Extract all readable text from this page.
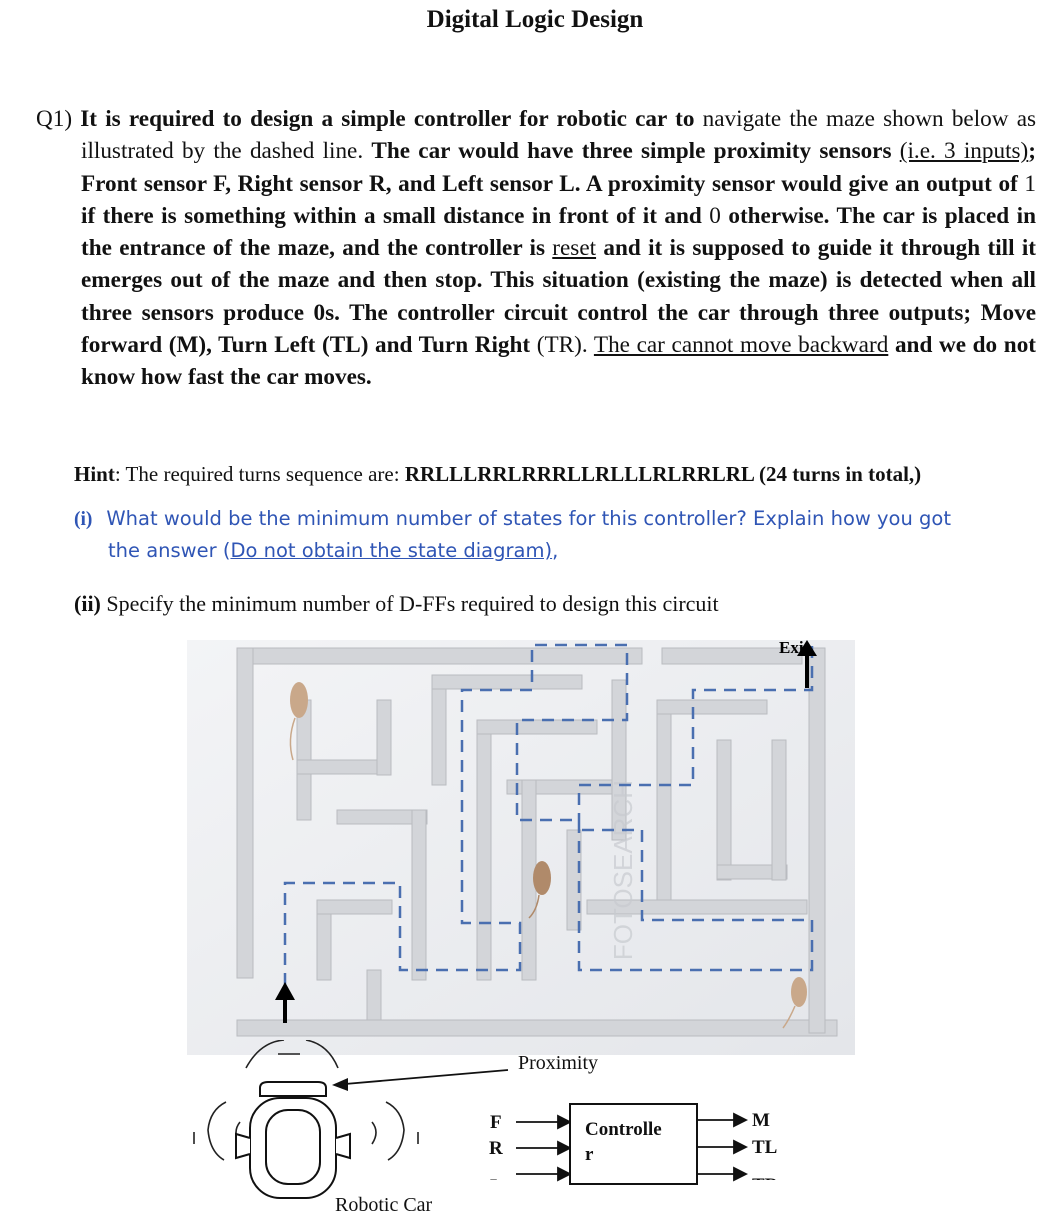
Digital Logic Design
Q1) It is required to design a simple controller for robotic car to navigate the maze shown below as illustrated by the dashed line. The car would have three simple proximity sensors (i.e. 3 inputs); Front sensor F, Right sensor R, and Left sensor L. A proximity sensor would give an output of 1 if there is something within a small distance in front of it and 0 otherwise. The car is placed in the entrance of the maze, and the controller is reset and it is supposed to guide it through till it emerges out of the maze and then stop. This situation (existing the maze) is detected when all three sensors produce 0s. The controller circuit control the car through three outputs; Move forward (M), Turn Left (TL) and Turn Right (TR). The car cannot move backward and we do not know how fast the car moves.
Hint: The required turns sequence are: RRLLLRRLRRRLLRLLLRLRRLRL (24 turns in total,)
(i) What would be the minimum number of states for this controller? Explain how you got
the answer (Do not obtain the state diagram),
(ii) Specify the minimum number of D-FFs required to design this circuit
FOTOSEARCH
Exit
Proximity
F
R
L
Controlle
r
M
TL
TR
Robotic Car
